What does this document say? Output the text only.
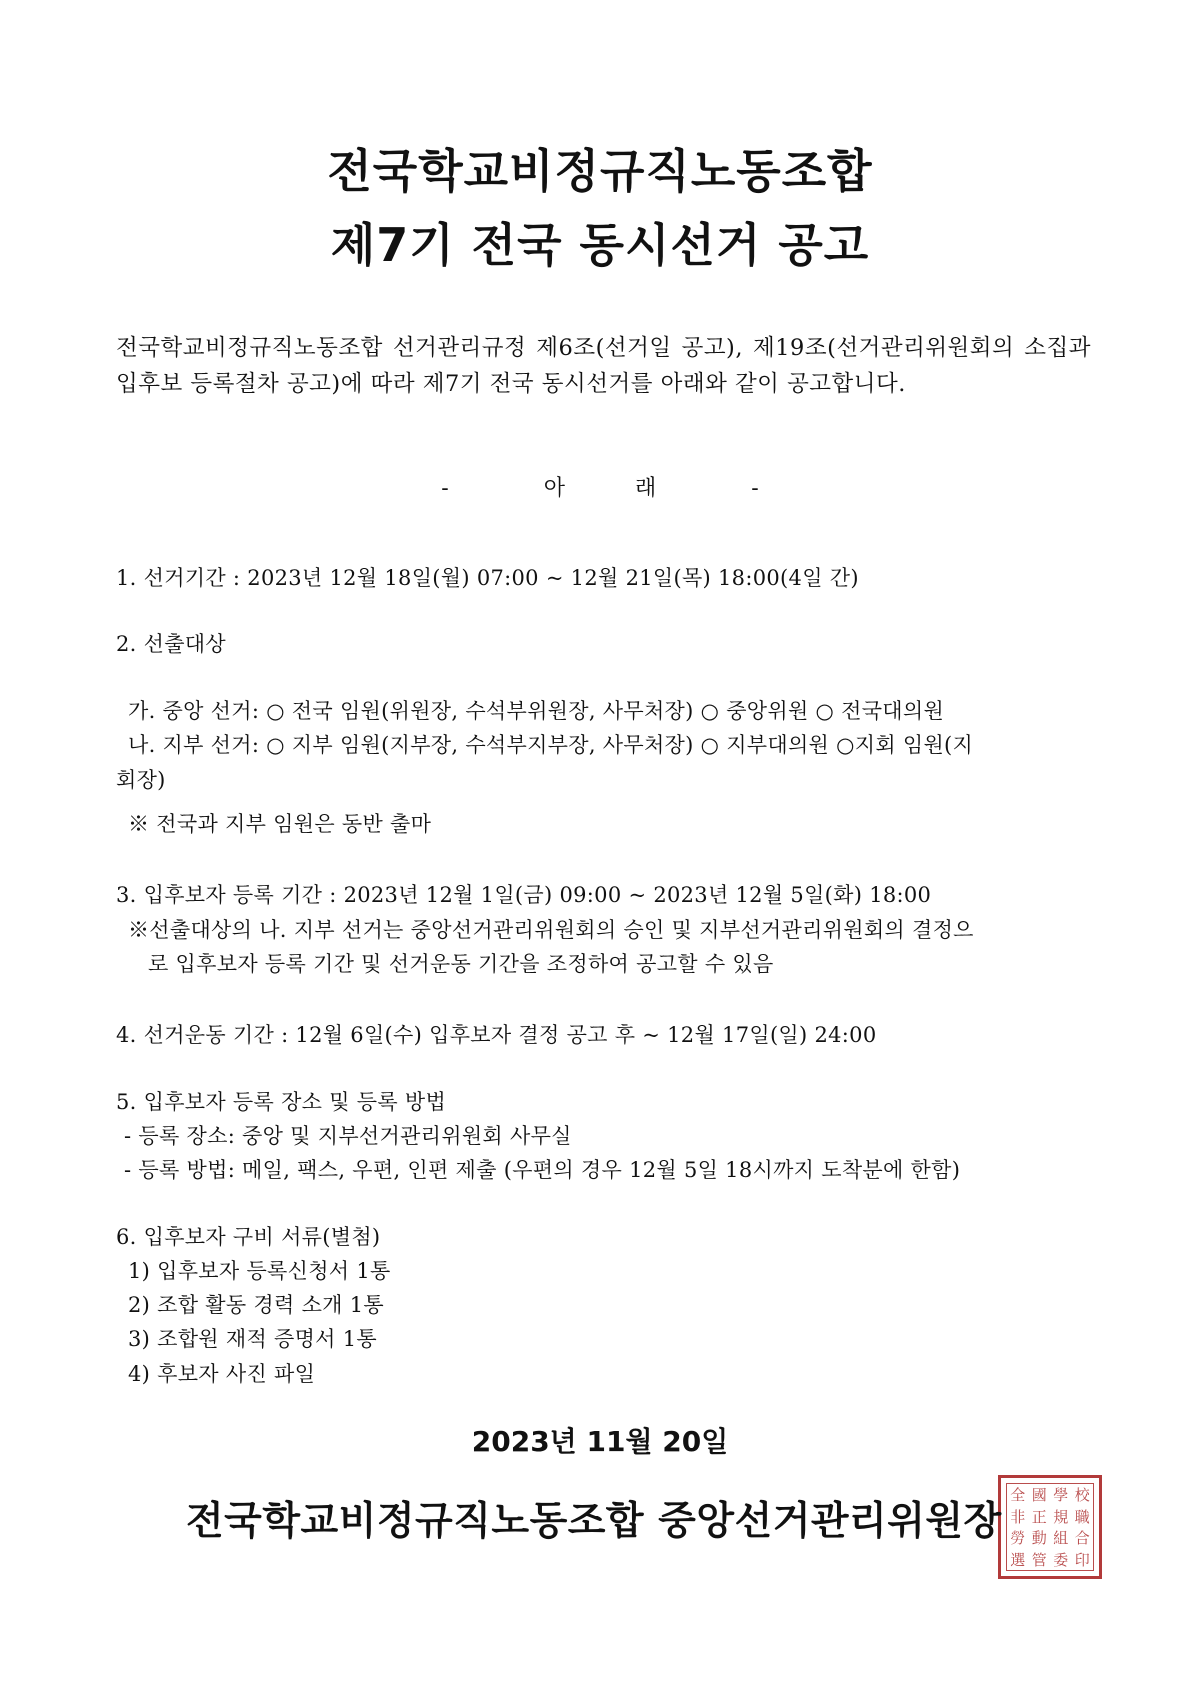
전국학교비정규직노동조합
제7기 전국 동시선거 공고
전국학교비정규직노동조합 선거관리규정 제6조(선거일 공고), 제19조(선거관리위원회의 소집과 입후보 등록절차 공고)에 따라 제7기 전국 동시선거를 아래와 같이 공고합니다.
-	아	래	-
1. 선거기간 : 2023년 12월 18일(월) 07:00 ~ 12월 21일(목) 18:00(4일 간)
2. 선출대상
가. 중앙 선거: ○ 전국 임원(위원장, 수석부위원장, 사무처장) ○ 중앙위원 ○ 전국대의원
나. 지부 선거: ○ 지부 임원(지부장, 수석부지부장, 사무처장) ○ 지부대의원 ○지회 임원(지
회장)
※ 전국과 지부 임원은 동반 출마
3. 입후보자 등록 기간 : 2023년 12월 1일(금) 09:00 ~ 2023년 12월 5일(화) 18:00
※선출대상의 나. 지부 선거는 중앙선거관리위원회의 승인 및 지부선거관리위원회의 결정으
로 입후보자 등록 기간 및 선거운동 기간을 조정하여 공고할 수 있음
4. 선거운동 기간 : 12월 6일(수) 입후보자 결정 공고 후 ~ 12월 17일(일) 24:00
5. 입후보자 등록 장소 및 등록 방법
- 등록 장소: 중앙 및 지부선거관리위원회 사무실
- 등록 방법: 메일, 팩스, 우편, 인편 제출 (우편의 경우 12월 5일 18시까지 도착분에 한함)
6. 입후보자 구비 서류(별첨)
1) 입후보자 등록신청서 1통
2) 조합 활동 경력 소개 1통
3) 조합원 재적 증명서 1통
4) 후보자 사진 파일
2023년 11월 20일
全 國 學 校
非 正 規 職
勞 動 組 合
選 管 委 印
전국학교비정규직노동조합 중앙선거관리위원장
